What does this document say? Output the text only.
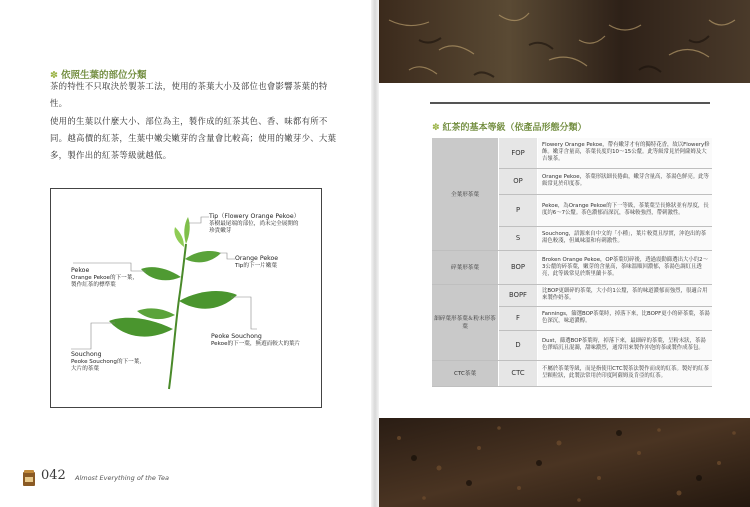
✽ 依照生葉的部位分類
茶的特性不只取決於製茶工法，使用的茶葉大小及部位也會影響茶葉的特性。
使用的生葉以什麼大小、部位為主，製作成的紅茶其色、香、味都有所不同。越高價的紅茶，生葉中嫩尖嫩芽的含量會比較高；使用的嫩芽少、大葉多，製作出的紅茶等級就越低。
Tip（Flowery Orange Pekoe）
茶樹最尾端的部位，尚未完全展開的
珍貴嫩芽
Orange Pekoe
Tip的下一片嫩葉
Pekoe
Orange Pekoe的下一葉，
製作紅茶的標準葉
Peoke Souchong
Pekoe的下一葉，無遊而較大的葉片
Souchong
Peoke Souchong的下一葉，
大片的茶葉
042 Almost Everything of the Tea
✽ 紅茶的基本等級（依產品形態分類）
全葉形茶葉	FOP	Flowery Orange Pekoe，帶有嫩芽才有的獨特花香，故以Flowery修飾。嫩芽含量高，茶葉長度約10～15公釐。此等級常見於阿薩姆及大吉嶺茶。
	OP	Orange Pekoe，茶葉形狀細長捲曲，嫩芽含量高，茶湯色鮮亮。此等級常見於印度茶。
	P	Pekoe，為Orange Pekoe的下一等級，茶葉葉呈長條狀並有厚度，長度約6～7公釐。茶色濃郁而深沉，茶味較強烈，帶刺激性。
	S	Souchong，語源來自中文的「小種」，葉片較寬且厚實，沖泡出的茶湯色較淺，但風味溫和有刺激性。
碎葉形茶葉	BOP	Broken Orange Pekoe，OP茶葉切碎後，透過震動篩選出大小約2～3公釐的碎茶葉，嫩芽的含量高，茶味溫順回濃郁，茶湯色調紅且透亮，此等級常見於斯里蘭卡茶。
細碎葉形茶葉＆粉末形茶葉	BOPF	比BOP更細碎的茶葉，大小約1公釐，茶的味道濃郁而強烈，很適合用來製作奶茶。
	F	Fannings，篩選BOP茶葉時，掉落下來，比BOPF更小的碎茶葉，茶湯色深沉，味道濃醇。
	D	Dust，篩選BOP茶葉時，掉落下來，最細碎的茶葉，呈粉末狀，茶湯色澤暗沉且混濁，甜味濃烈，通常用來製作沖泡的茶或製作成茶包。
CTC茶葉	CTC	不屬於茶葉等級，而是指使用CTC製茶法製作而成的紅茶。製好的紅茶呈顆粒狀，此製法常用於印度阿薩姆及肯亞的紅茶。
